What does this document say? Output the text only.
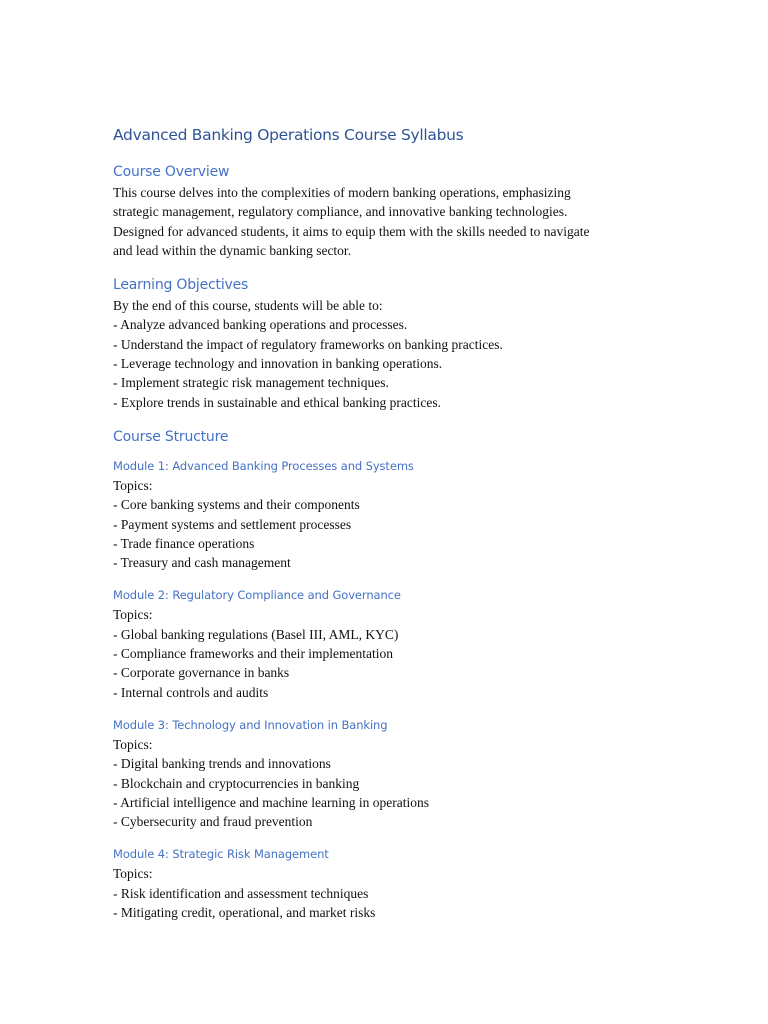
Advanced Banking Operations Course Syllabus
Course Overview
This course delves into the complexities of modern banking operations, emphasizing
strategic management, regulatory compliance, and innovative banking technologies.
Designed for advanced students, it aims to equip them with the skills needed to navigate
and lead within the dynamic banking sector.
Learning Objectives
By the end of this course, students will be able to:
- Analyze advanced banking operations and processes.
- Understand the impact of regulatory frameworks on banking practices.
- Leverage technology and innovation in banking operations.
- Implement strategic risk management techniques.
- Explore trends in sustainable and ethical banking practices.
Course Structure
Module 1: Advanced Banking Processes and Systems
Topics:
- Core banking systems and their components
- Payment systems and settlement processes
- Trade finance operations
- Treasury and cash management
Module 2: Regulatory Compliance and Governance
Topics:
- Global banking regulations (Basel III, AML, KYC)
- Compliance frameworks and their implementation
- Corporate governance in banks
- Internal controls and audits
Module 3: Technology and Innovation in Banking
Topics:
- Digital banking trends and innovations
- Blockchain and cryptocurrencies in banking
- Artificial intelligence and machine learning in operations
- Cybersecurity and fraud prevention
Module 4: Strategic Risk Management
Topics:
- Risk identification and assessment techniques
- Mitigating credit, operational, and market risks
